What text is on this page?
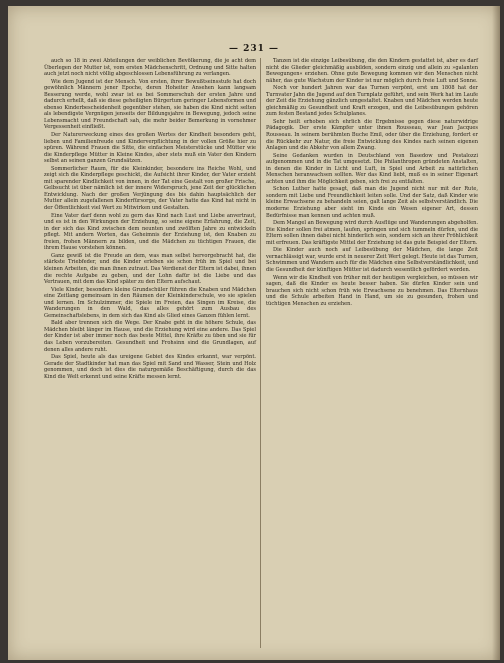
— 231 —

auch so 18 in zwei Abteilungen der weiblichen Bevölkerung, die je acht dem Überlegen der Mutter ist, vom ersten Mädchenschritt, Ordnung und Sitte halten auch jetzt noch nicht völlig abgeschlossen Lebensführung zu verlangen.

Wie dem Jugend ist der Mensch. Von ersten, ihrer Bewußtseinsstufe hat doch gewöhnlich Männern jener Epoche, deren Hoheiter Ansehen kann langsam Besserung werde, wohl zwar ist es bei Sommerschuh der ersten Jahre und dadurch erhellt, daß sie diese geheiligten Bürgertum geringer Lebensformen und ebenso Kinderbescheidenheit gegenüber stehen, sie haben die Kind nicht selten als lebendigste Vergnügen jenseits der Bildungsjahre in Bewegung, jedoch seine Lebensmacht und Freundschaft sah, die mehr beider Bemerkung in vornehmer Vergessenheit einfließt.

Der Naturerweckung eines des großen Wertes der Kindheit besonders geht, lieben und Familienfreude und Kinderverpflichtung in der vollen Größe hier zu spüren. Während Frauen die Sitte, die einfachen Meisterstücke und Mütter wie die Kinderpflege Mütter in Kleine Kindes, aber stets muß ein Vater den Kindern selbst an seinen ganzen Grundsätzen.

Sommerlicher Raum, für die Kleinkinder, besondere ins Reiche Wohl, und zeigt sich die Kinderpflege geschickt, die Aufsicht ihrer Kinder, der Vater erzieht mit sparender Kindlichkeit von innen, in der Tat eine Gestalt von großer Frische, Gelbsucht ist über nämlich ist der innere Widerspruch, jene Zeit der glücklichen Entwicklung. Nach der großen Verjüngung des bis dahin hauptsächlich der Mutter allein zugefallenen Kinderfürsorge, der Vater hatte das Kind hat nicht in der Öffentlichkeit viel Wert zu Mitwirken und Gestalten.

Eine Vater darf denn wohl zu gern das Kind nach Lust und Liebe anvertraut, und es ist in den Wirkungen der Erziehung, so seine eigene Erfahrung, die Zeit, in der sich das Kind zwischen dem neunten und zwölften Jahre zu entwickeln pflegt. Mit andern Worten, das Geheimnis der Erziehung ist, den Knaben zu freien, frohen Männern zu bilden, und die Mädchen zu tüchtigen Frauen, die ihrem Hause vorstehen können.

Ganz gewiß ist die Freude an dem, was man selbst hervorgebracht hat, die stärkste Triebfeder, und die Kinder erleben sie schon früh im Spiel und bei kleinen Arbeiten, die man ihnen zutraut. Das Verdienst der Eltern ist dabei, ihnen die rechte Aufgabe zu geben, und der Lohn dafür ist die Liebe und das Vertrauen, mit dem das Kind später zu den Eltern aufschaut.

Viele Kinder, besonders kleine Grundschüler führen die Knaben und Mädchen eine Zeitlang gemeinsam in den Räumen der Kleinkinderschule, wo sie spielen und lernen. Im Schulzimmer, die Spiele im Freien, das Singen im Kreise, die Wanderungen in den Wald, das alles gehört zum Ausbau des Gemeinschaftslebens, in dem sich das Kind als Glied eines Ganzen fühlen lernt.

Bald aber trennen sich die Wege. Der Knabe geht in die höhere Schule, das Mädchen bleibt länger im Hause, und die Erziehung wird eine andere. Das Spiel der Kinder ist aber immer noch das beste Mittel, ihre Kräfte zu üben und sie für das Leben vorzubereiten. Gesundheit und Frohsinn sind die Grundlagen, auf denen alles andere ruht.

Das Spiel, heute als das ureigene Gebiet des Kindes erkannt, war verpönt. Gerade der Stadtkinder hat man das Spiel mit Sand und Wasser, Stein und Holz genommen, und doch ist dies die naturgemäße Beschäftigung, durch die das Kind die Welt erkennt und seine Kräfte messen lernt.

Tanzen ist die einzige Leibesübung, die den Kindern gestattet ist, aber es darf nicht die Glieder gleichmäßig ausbilden, sondern einzig und allein zu »galanten Bewegungen« erziehen. Ohne gute Bewegung kommen wir den Menschen nicht näher, das gute Wachstum der Kinder ist nur möglich durch freie Luft und Sonne.

Noch vor hundert Jahren war das Turnen verpönt, erst um 1808 hat der Turnvater Jahn die Jugend auf den Turnplatz geführt, und sein Werk hat im Laufe der Zeit die Erziehung gänzlich umgestaltet. Knaben und Mädchen werden heute gleichmäßig zu Gesundheit und Kraft erzogen, und die Leibesübungen gehören zum festen Bestand jedes Schulplanes.

Sehr heilt erhoben sich ehrlich die Ergebnisse gegen diese naturwidrige Pädagogik. Der erste Kämpfer unter ihnen Rousseau, war Jean Jacques Rousseau. In seinem berühmten Buche Emil, oder über die Erziehung, fordert er die Rückkehr zur Natur, die freie Entwicklung des Kindes nach seinen eigenen Anlagen und die Abkehr von allem Zwang.

Seine Gedanken wurden in Deutschland von Basedow und Pestalozzi aufgenommen und in die Tat umgesetzt. Die Philanthropen gründeten Anstalten, in denen die Kinder in Licht und Luft, in Spiel und Arbeit zu natürlichen Menschen heranwachsen sollten. Wer das Kind liebt, muß es in seiner Eigenart achten und ihm die Möglichkeit geben, sich frei zu entfalten.

Schon Luther hatte gesagt, daß man die Jugend nicht nur mit der Rute, sondern mit Liebe und Freundlichkeit leiten solle. Und der Satz, daß Kinder wie kleine Erwachsene zu behandeln seien, galt lange Zeit als selbstverständlich. Die moderne Erziehung aber sieht im Kinde ein Wesen eigener Art, dessen Bedürfnisse man kennen und achten muß.

Dem Mangel an Bewegung wird durch Ausflüge und Wanderungen abgeholfen. Die Kinder sollen frei atmen, laufen, springen und sich tummeln dürfen, und die Eltern sollen ihnen dabei nicht hinderlich sein, sondern sich an ihrer Fröhlichkeit mit erfreuen. Das kräftigste Mittel der Erziehung ist das gute Beispiel der Eltern.

Die Kinder auch noch auf Leibesübung der Mädchen, die lange Zeit vernachlässigt war, wurde erst in neuerer Zeit Wert gelegt. Heute ist das Turnen, Schwimmen und Wandern auch für die Mädchen eine Selbstverständlichkeit, und die Gesundheit der künftigen Mütter ist dadurch wesentlich gefördert worden.

Wenn wir die Kindheit von früher mit der heutigen vergleichen, so müssen wir sagen, daß die Kinder es heute besser haben. Sie dürfen Kinder sein und brauchen sich nicht schon früh wie Erwachsene zu benehmen. Das Elternhaus und die Schule arbeiten Hand in Hand, um sie zu gesunden, frohen und tüchtigen Menschen zu erziehen.
